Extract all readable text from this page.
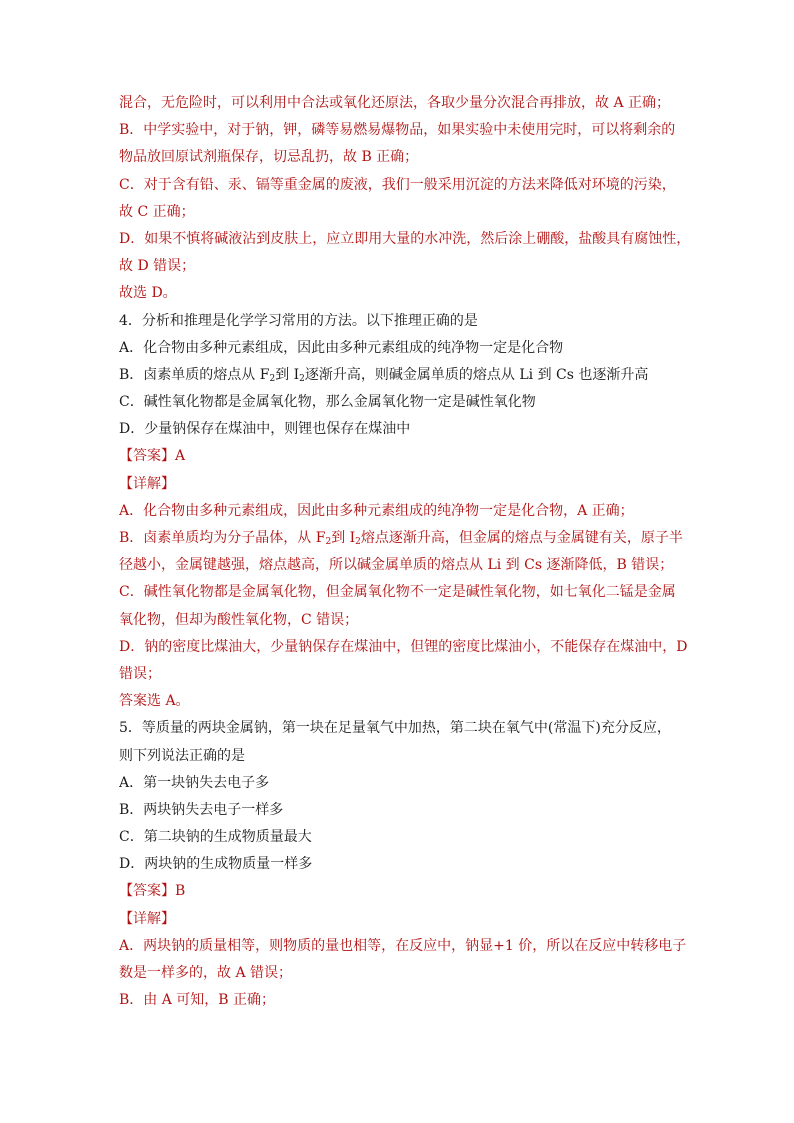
混合，无危险时，可以利用中合法或氧化还原法，各取少量分次混合再排放，故 A 正确；
B．中学实验中，对于钠，钾，磷等易燃易爆物品，如果实验中未使用完时，可以将剩余的
物品放回原试剂瓶保存，切忌乱扔，故 B 正确；
C．对于含有铅、汞、镉等重金属的废液，我们一般采用沉淀的方法来降低对环境的污染，
故 C 正确；
D．如果不慎将碱液沾到皮肤上，应立即用大量的水冲洗，然后涂上硼酸，盐酸具有腐蚀性，
故 D 错误；
故选 D。
4．分析和推理是化学学习常用的方法。以下推理正确的是
A．化合物由多种元素组成，因此由多种元素组成的纯净物一定是化合物
B．卤素单质的熔点从 $F_2$到 $I_2$逐渐升高，则碱金属单质的熔点从 Li 到 Cs 也逐渐升高
C．碱性氧化物都是金属氧化物，那么金属氧化物一定是碱性氧化物
D．少量钠保存在煤油中，则锂也保存在煤油中
【答案】A
【详解】
A．化合物由多种元素组成，因此由多种元素组成的纯净物一定是化合物，A 正确；
B．卤素单质均为分子晶体，从 $F_2$到 $I_2$熔点逐渐升高，但金属的熔点与金属键有关，原子半
径越小，金属键越强，熔点越高，所以碱金属单质的熔点从 Li 到 Cs 逐渐降低，B 错误；
C．碱性氧化物都是金属氧化物，但金属氧化物不一定是碱性氧化物，如七氧化二锰是金属
氧化物，但却为酸性氧化物，C 错误；
D．钠的密度比煤油大，少量钠保存在煤油中，但锂的密度比煤油小，不能保存在煤油中，D
错误；
答案选 A。
5．等质量的两块金属钠，第一块在足量氧气中加热，第二块在氧气中(常温下)充分反应，
则下列说法正确的是
A．第一块钠失去电子多
B．两块钠失去电子一样多
C．第二块钠的生成物质量最大
D．两块钠的生成物质量一样多
【答案】B
【详解】
A．两块钠的质量相等，则物质的量也相等，在反应中，钠显+1 价，所以在反应中转移电子
数是一样多的，故 A 错误；
B．由 A 可知，B 正确；
